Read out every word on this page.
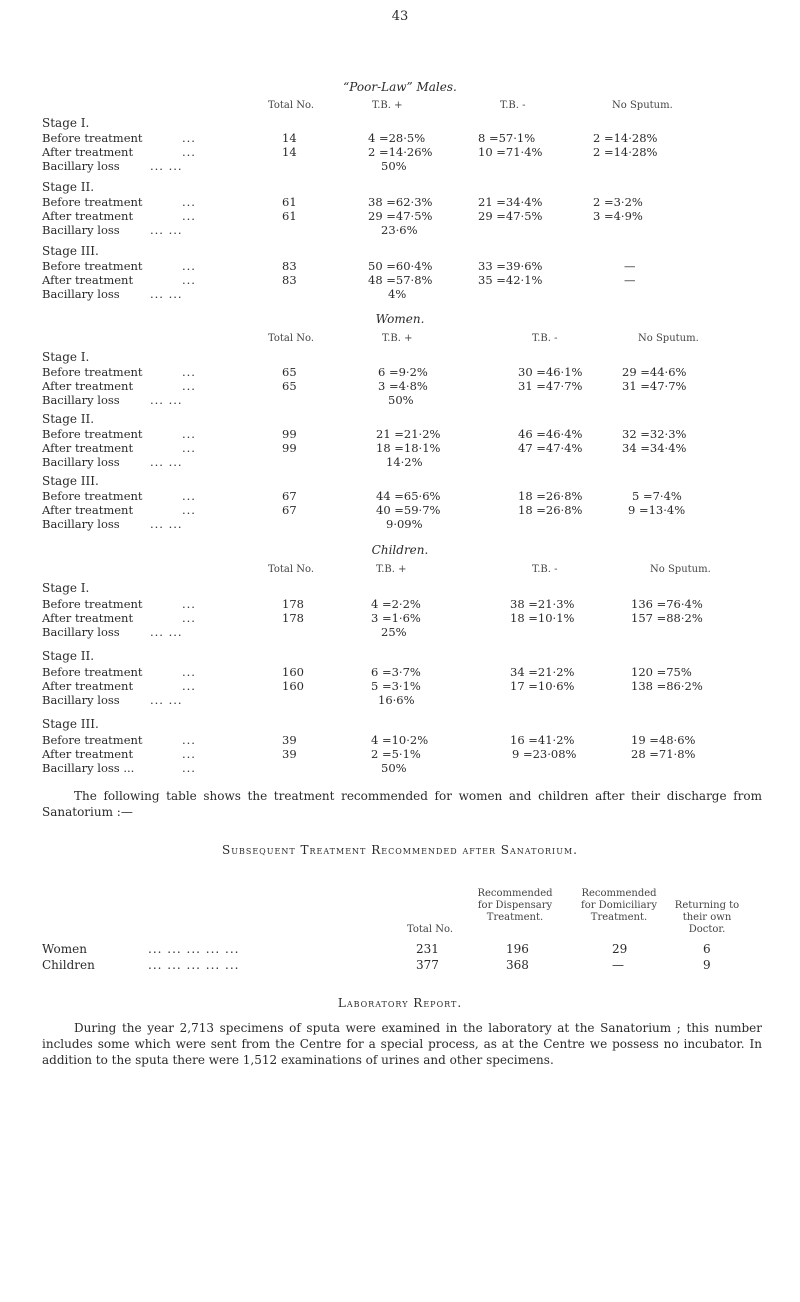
43
“Poor-Law” Males.
Total No.	T.B. +	T.B. -	No Sputum.
Stage I.
Before treatment	...	14	4 =28·5%	8 =57·1%	2 =14·28%
After treatment	...	14	2 =14·26%	10 =71·4%	2 =14·28%
Bacillary loss	... ...	50%
Stage II.
Before treatment	...	61	38 =62·3%	21 =34·4%	2 =3·2%
After treatment	...	61	29 =47·5%	29 =47·5%	3 =4·9%
Bacillary loss	... ...	23·6%
Stage III.
Before treatment	...	83	50 =60·4%	33 =39·6%	—
After treatment	...	83	48 =57·8%	35 =42·1%	—
Bacillary loss	... ...	4%
Women.
Total No.	T.B. +	T.B. -	No Sputum.
Stage I.
Before treatment	...	65	6 =9·2%	30 =46·1%	29 =44·6%
After treatment	...	65	3 =4·8%	31 =47·7%	31 =47·7%
Bacillary loss	... ...	50%
Stage II.
Before treatment	...	99	21 =21·2%	46 =46·4%	32 =32·3%
After treatment	...	99	18 =18·1%	47 =47·4%	34 =34·4%
Bacillary loss	... ...	14·2%
Stage III.
Before treatment	...	67	44 =65·6%	18 =26·8%	5 =7·4%
After treatment	...	67	40 =59·7%	18 =26·8%	9 =13·4%
Bacillary loss	... ...	9·09%
Children.
Total No.	T.B. +	T.B. -	No Sputum.
Stage I.
Before treatment	...	178	4 =2·2%	38 =21·3%	136 =76·4%
After treatment	...	178	3 =1·6%	18 =10·1%	157 =88·2%
Bacillary loss	... ...	25%
Stage II.
Before treatment	...	160	6 =3·7%	34 =21·2%	120 =75%
After treatment	...	160	5 =3·1%	17 =10·6%	138 =86·2%
Bacillary loss	... ...	16·6%
Stage III.
Before treatment	...	39	4 =10·2%	16 =41·2%	19 =48·6%
After treatment	...	39	2 =5·1%	9 =23·08%	28 =71·8%
Bacillary loss ...	...	50%
The following table shows the treatment recommended for women and children after their discharge from Sanatorium :—
Subsequent Treatment Recommended after Sanatorium.
Total No.
Recommended for Dispensary Treatment.
Recommended for Domiciliary Treatment.
Returning to their own Doctor.
Women	... ... ... ... ...	231	196	29	6
Children	... ... ... ... ...	377	368	—	9
Laboratory Report.
During the year 2,713 specimens of sputa were examined in the laboratory at the Sanatorium ; this number includes some which were sent from the Centre for a special process, as at the Centre we possess no incubator. In addition to the sputa there were 1,512 examinations of urines and other specimens.
